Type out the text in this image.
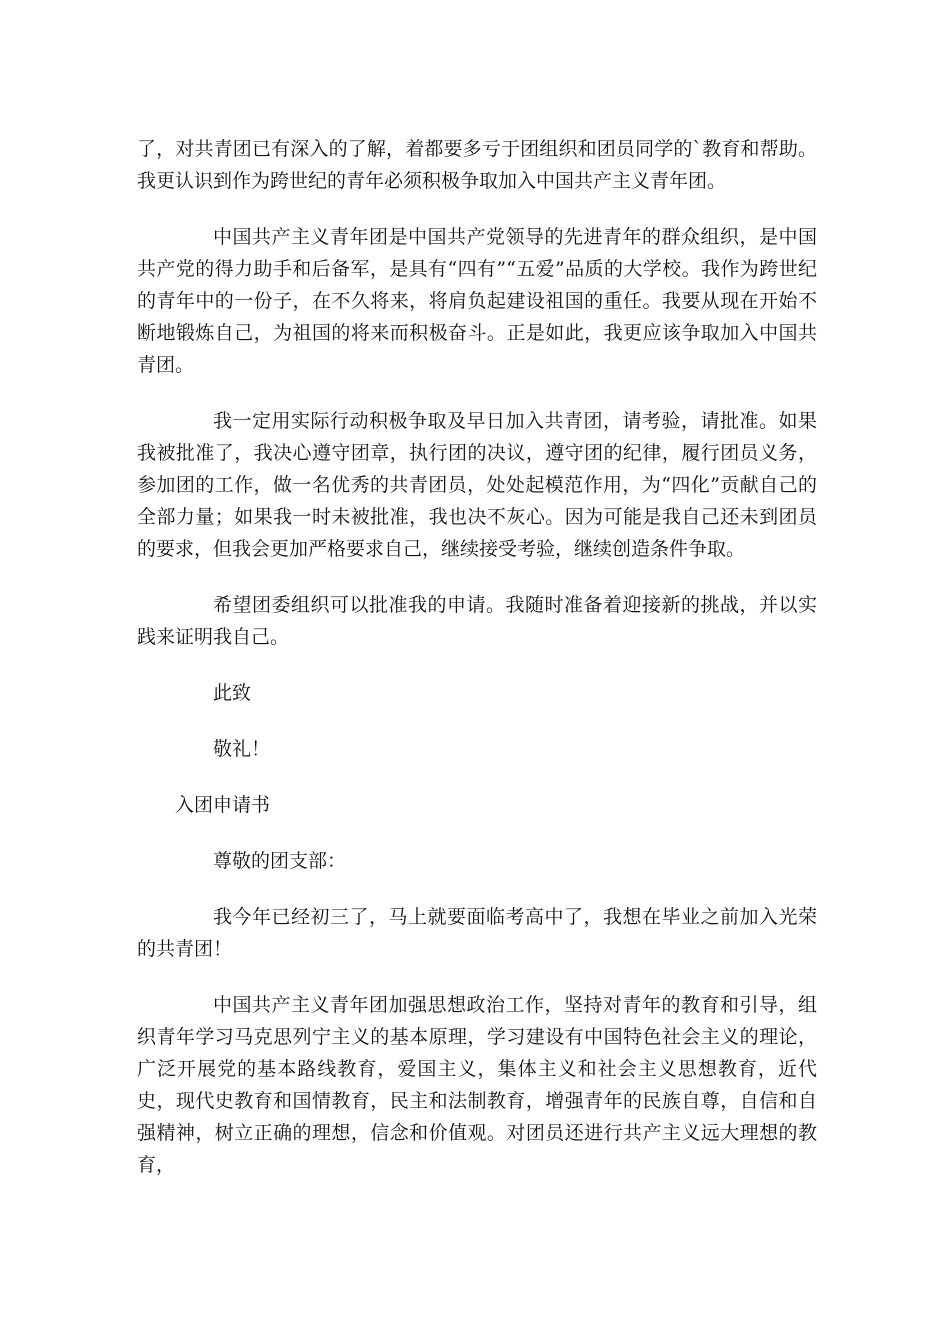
了，对共青团已有深入的了解，着都要多亏于团组织和团员同学的`教育和帮助。我更认识到作为跨世纪的青年必须积极争取加入中国共产主义青年团。

中国共产主义青年团是中国共产党领导的先进青年的群众组织，是中国共产党的得力助手和后备军，是具有“四有”“五爱”品质的大学校。我作为跨世纪的青年中的一份子，在不久将来，将肩负起建设祖国的重任。我要从现在开始不断地锻炼自己，为祖国的将来而积极奋斗。正是如此，我更应该争取加入中国共青团。

我一定用实际行动积极争取及早日加入共青团，请考验，请批准。如果我被批准了，我决心遵守团章，执行团的决议，遵守团的纪律，履行团员义务，参加团的工作，做一名优秀的共青团员，处处起模范作用，为“四化”贡献自己的全部力量；如果我一时未被批准，我也决不灰心。因为可能是我自己还未到团员的要求，但我会更加严格要求自己，继续接受考验，继续创造条件争取。

希望团委组织可以批准我的申请。我随时准备着迎接新的挑战，并以实践来证明我自己。

此致

敬礼！

入团申请书

尊敬的团支部：

我今年已经初三了，马上就要面临考高中了，我想在毕业之前加入光荣的共青团！

中国共产主义青年团加强思想政治工作，坚持对青年的教育和引导，组织青年学习马克思列宁主义的基本原理，学习建设有中国特色社会主义的理论，广泛开展党的基本路线教育，爱国主义，集体主义和社会主义思想教育，近代史，现代史教育和国情教育，民主和法制教育，增强青年的民族自尊，自信和自强精神，树立正确的理想，信念和价值观。对团员还进行共产主义远大理想的教育，
